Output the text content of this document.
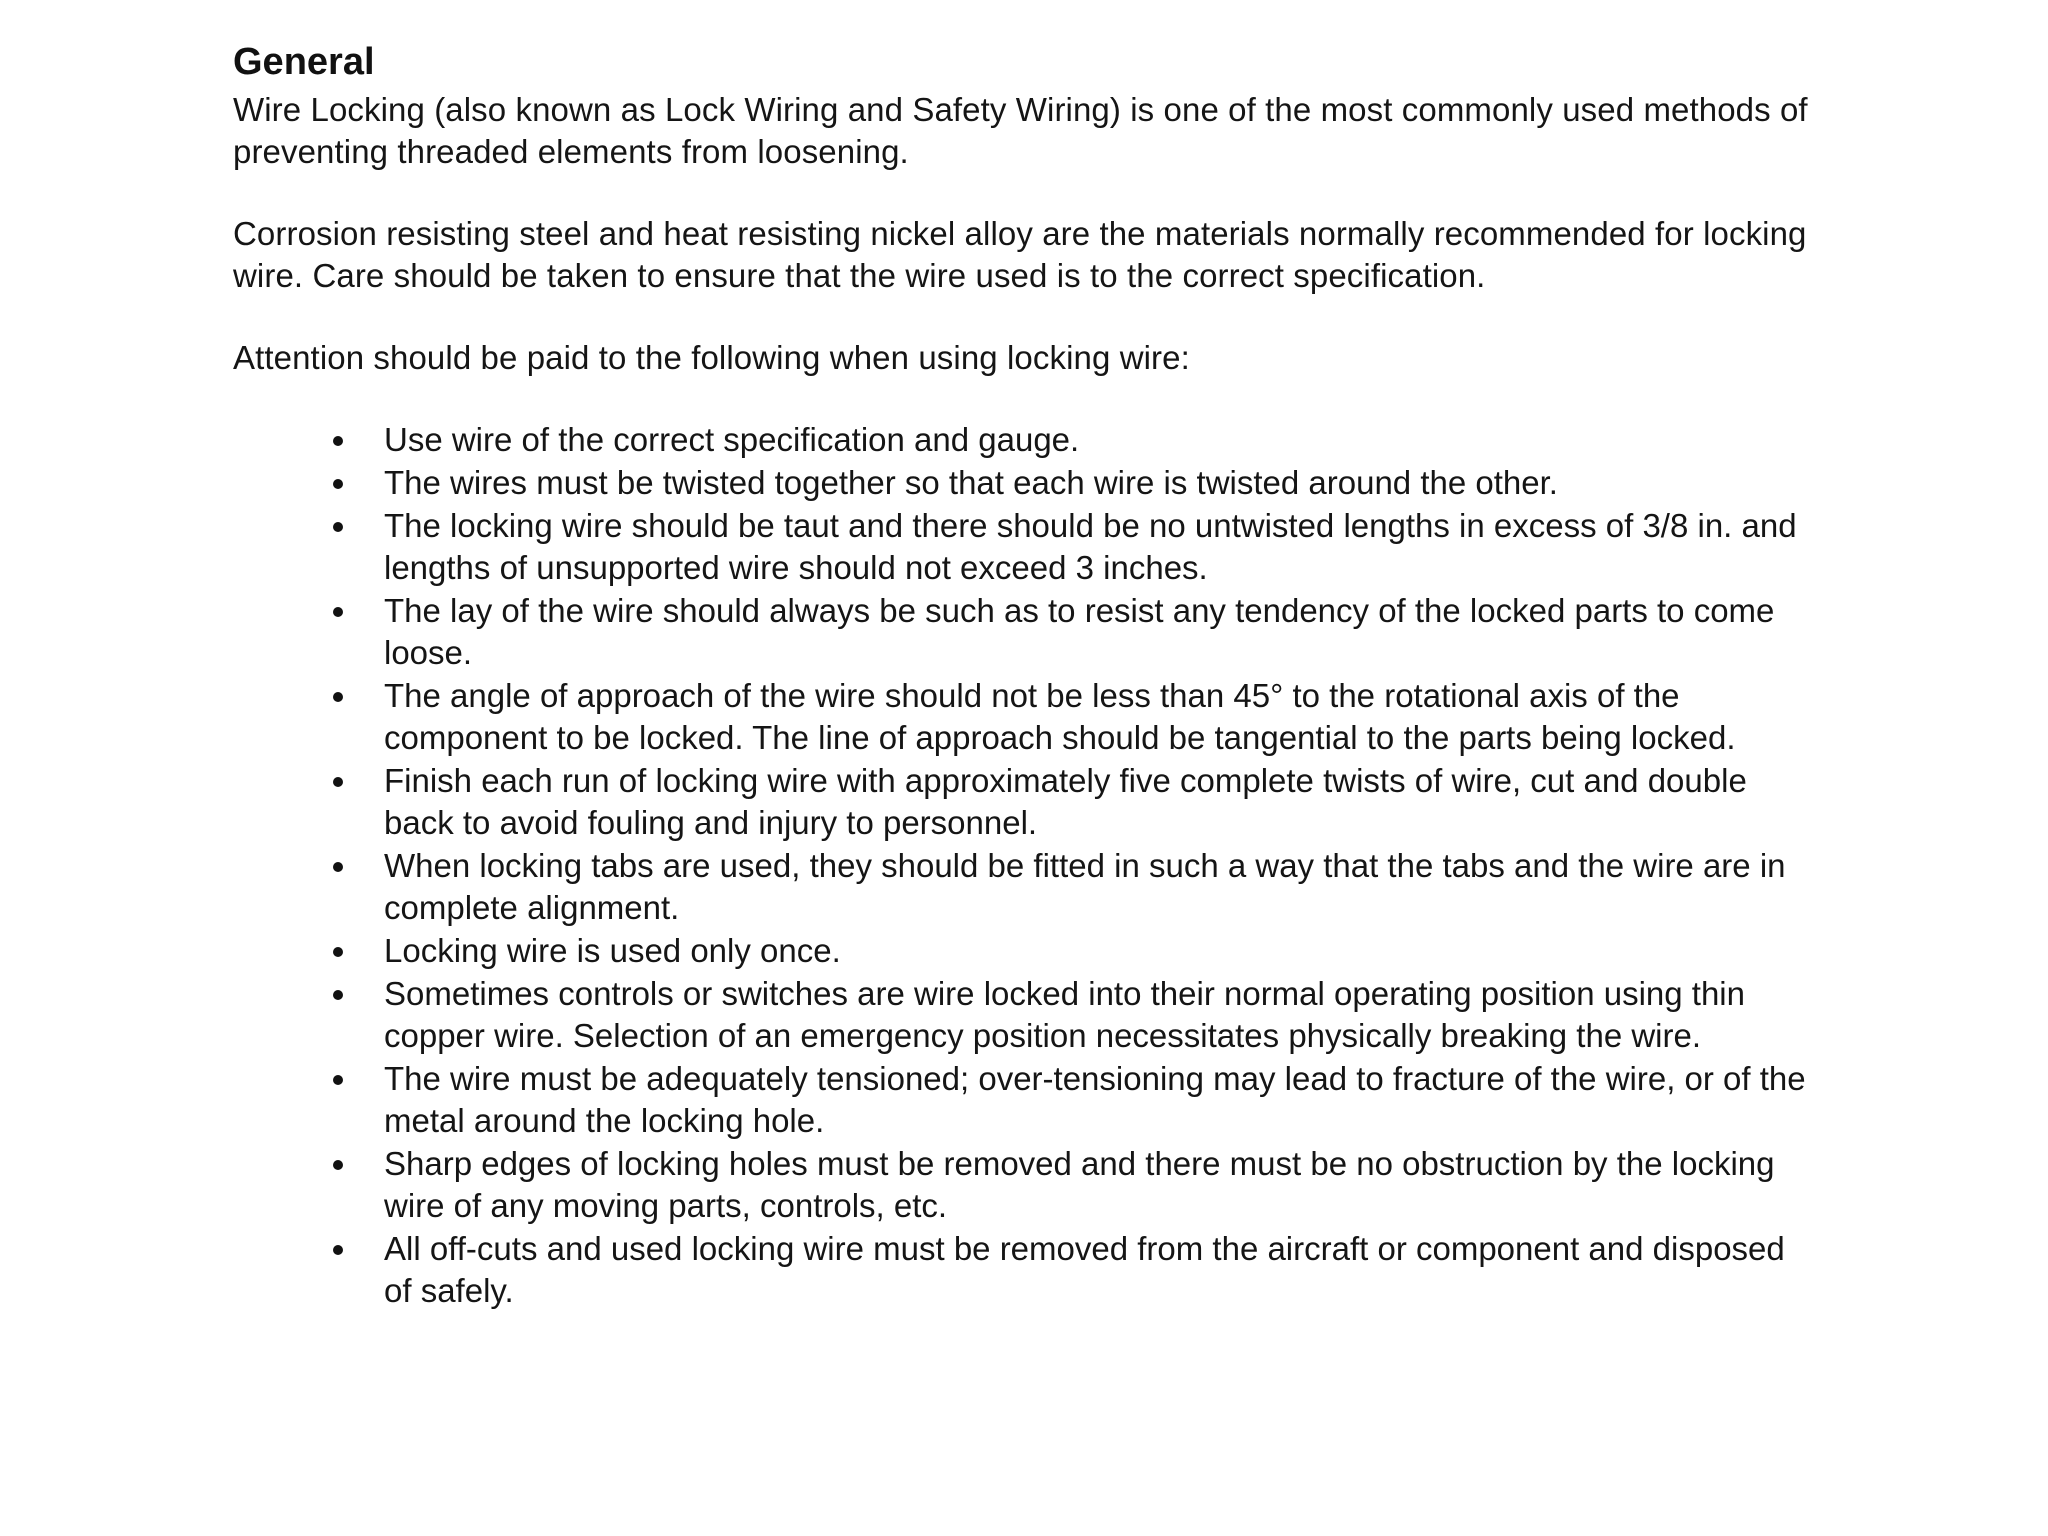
General

Wire Locking (also known as Lock Wiring and Safety Wiring) is one of the most commonly used methods of preventing threaded elements from loosening.

Corrosion resisting steel and heat resisting nickel alloy are the materials normally recommended for locking wire. Care should be taken to ensure that the wire used is to the correct specification.

Attention should be paid to the following when using locking wire:

Use wire of the correct specification and gauge.
The wires must be twisted together so that each wire is twisted around the other.
The locking wire should be taut and there should be no untwisted lengths in excess of 3/8 in. and lengths of unsupported wire should not exceed 3 inches.
The lay of the wire should always be such as to resist any tendency of the locked parts to come loose.
The angle of approach of the wire should not be less than 45° to the rotational axis of the component to be locked. The line of approach should be tangential to the parts being locked.
Finish each run of locking wire with approximately five complete twists of wire, cut and double back to avoid fouling and injury to personnel.
When locking tabs are used, they should be fitted in such a way that the tabs and the wire are in complete alignment.
Locking wire is used only once.
Sometimes controls or switches are wire locked into their normal operating position using thin copper wire. Selection of an emergency position necessitates physically breaking the wire.
The wire must be adequately tensioned; over-tensioning may lead to fracture of the wire, or of the metal around the locking hole.
Sharp edges of locking holes must be removed and there must be no obstruction by the locking wire of any moving parts, controls, etc.
All off-cuts and used locking wire must be removed from the aircraft or component and disposed of safely.
